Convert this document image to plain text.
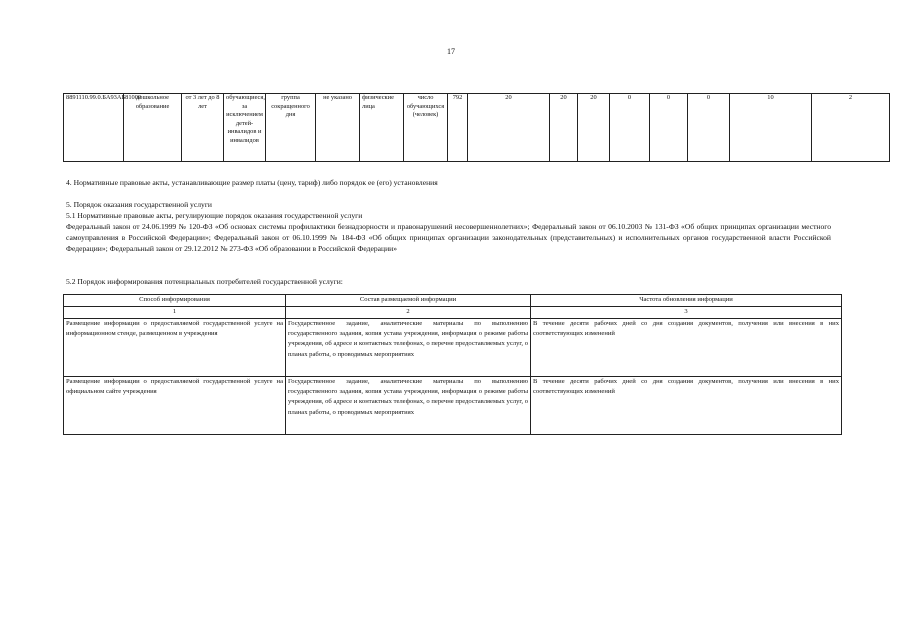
17
8891110.99.0.БА93АБ81000	дошкольное образование	от 3 лет до 8 лет	обучающиеся, за исключением детей-инвалидов и инвалидов	группа сокращенного дня	не указано	физические лица	число обучающихся (человек)	792	20	20	20	0	0	0	10	2
4. Нормативные правовые акты, устанавливающие размер платы (цену, тариф) либо порядок ее (его) установления
5. Порядок оказания государственной услуги
5.1 Нормативные правовые акты, регулирующие порядок оказания государственной услуги
Федеральный закон от 24.06.1999 № 120-ФЗ «Об основах системы профилактики безнадзорности и правонарушений несовершеннолетних»; Федеральный закон от 06.10.2003 № 131-ФЗ «Об общих принципах организации местного самоуправления в Российской Федерации»; Федеральный закон от 06.10.1999 № 184-ФЗ «Об общих принципах организации законодательных (представительных) и исполнительных органов государственной власти Российской Федерации»; Федеральный закон от 29.12.2012 № 273-ФЗ «Об образовании в Российской Федерации»
5.2 Порядок информирования потенциальных потребителей государственной услуги:
Способ информирования	Состав размещаемой информации	Частота обновления информации
1	2	3
Размещение информации о предоставляемой государственной услуге на информационном стенде, размещенном в учреждения	Государственное задание, аналитические материалы по выполнению государственного задания, копия устава учреждения, информация о режиме работы учреждения, об адресе и контактных телефонах, о перечне предоставляемых услуг, о планах работы, о проводимых мероприятиях	В течение десяти рабочих дней со дня создания документов, получения или внесения в них соответствующих изменений
Размещение информации о предоставляемой государственной услуге на официальном сайте учреждения	Государственное задание, аналитические материалы по выполнению государственного задания, копия устава учреждения, информация о режиме работы учреждения, об адресе и контактных телефонах, о перечне предоставляемых услуг, о планах работы, о проводимых мероприятиях	В течение десяти рабочих дней со дня создания документов, получения или внесения в них соответствующих изменений
